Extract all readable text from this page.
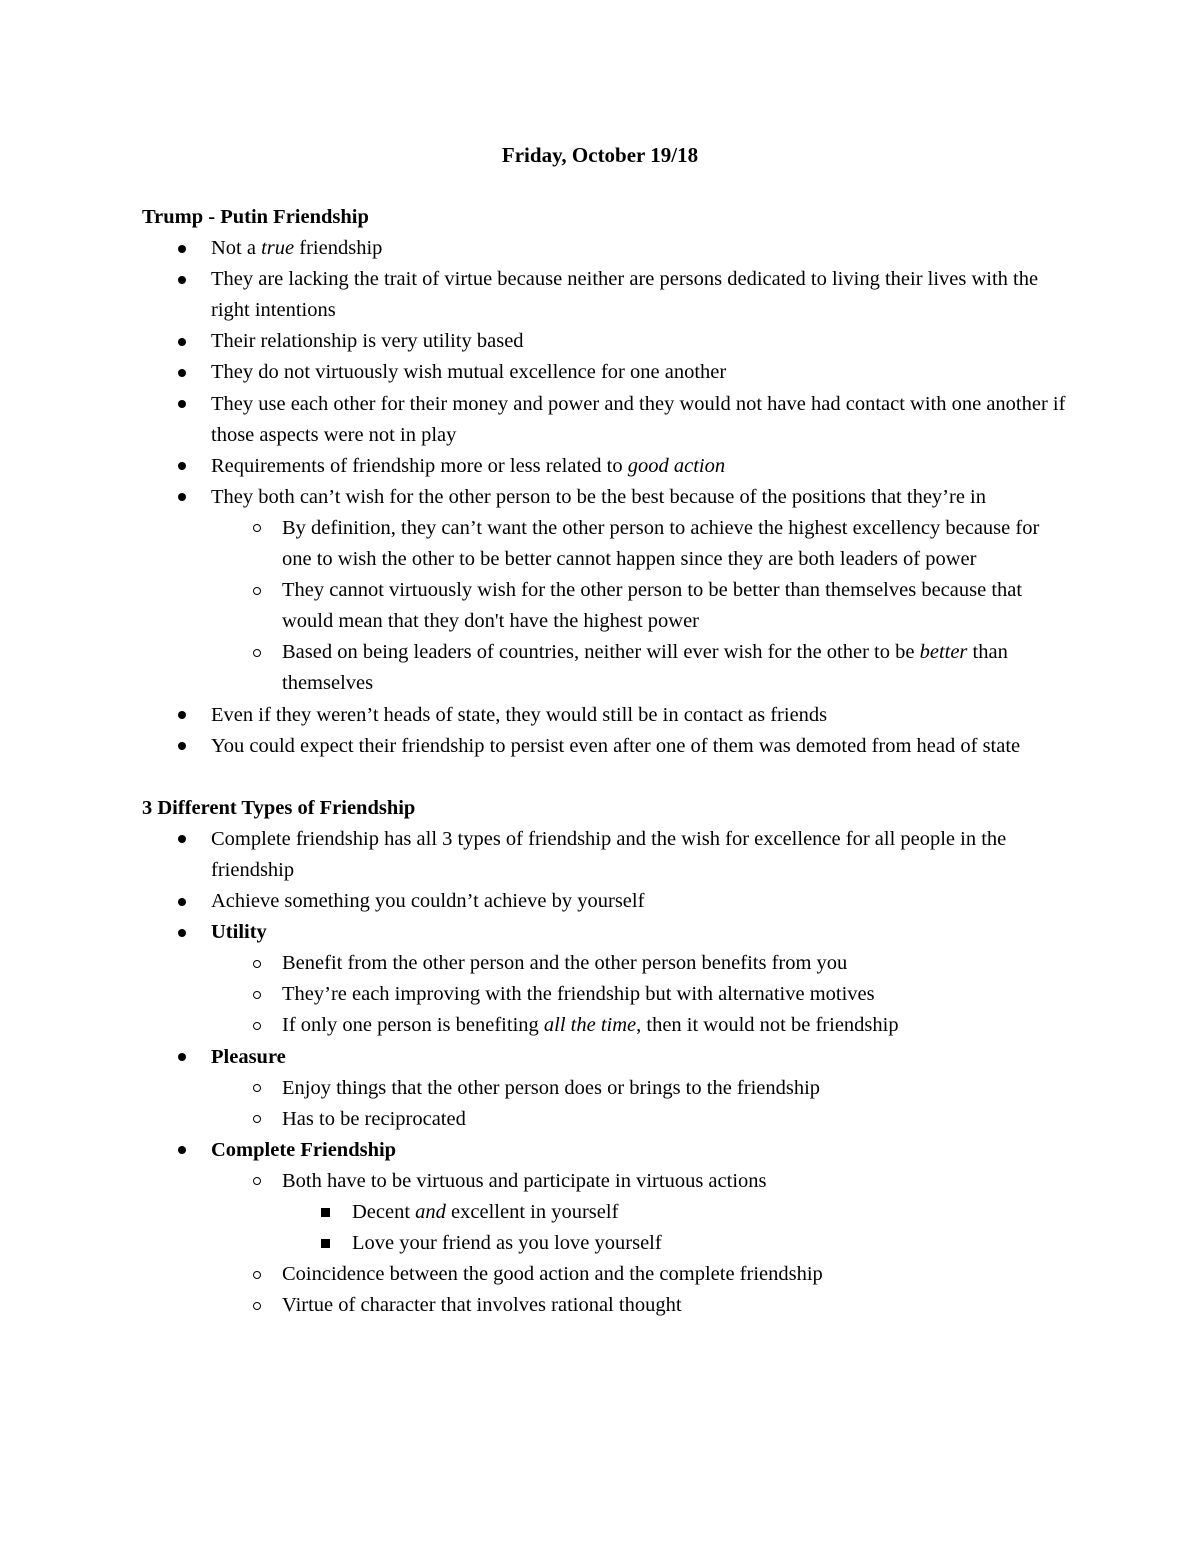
Friday, October 19/18
Trump - Putin Friendship
Not a true friendship
They are lacking the trait of virtue because neither are persons dedicated to living their lives with the right intentions
Their relationship is very utility based
They do not virtuously wish mutual excellence for one another
They use each other for their money and power and they would not have had contact with one another if those aspects were not in play
Requirements of friendship more or less related to good action
They both can’t wish for the other person to be the best because of the positions that they’re in
By definition, they can’t want the other person to achieve the highest excellency because for one to wish the other to be better cannot happen since they are both leaders of power
They cannot virtuously wish for the other person to be better than themselves because that would mean that they don't have the highest power
Based on being leaders of countries, neither will ever wish for the other to be better than themselves
Even if they weren’t heads of state, they would still be in contact as friends
You could expect their friendship to persist even after one of them was demoted from head of state
3 Different Types of Friendship
Complete friendship has all 3 types of friendship and the wish for excellence for all people in the friendship
Achieve something you couldn’t achieve by yourself
Utility
Benefit from the other person and the other person benefits from you
They’re each improving with the friendship but with alternative motives
If only one person is benefiting all the time, then it would not be friendship
Pleasure
Enjoy things that the other person does or brings to the friendship
Has to be reciprocated
Complete Friendship
Both have to be virtuous and participate in virtuous actions
Decent and excellent in yourself
Love your friend as you love yourself
Coincidence between the good action and the complete friendship
Virtue of character that involves rational thought
